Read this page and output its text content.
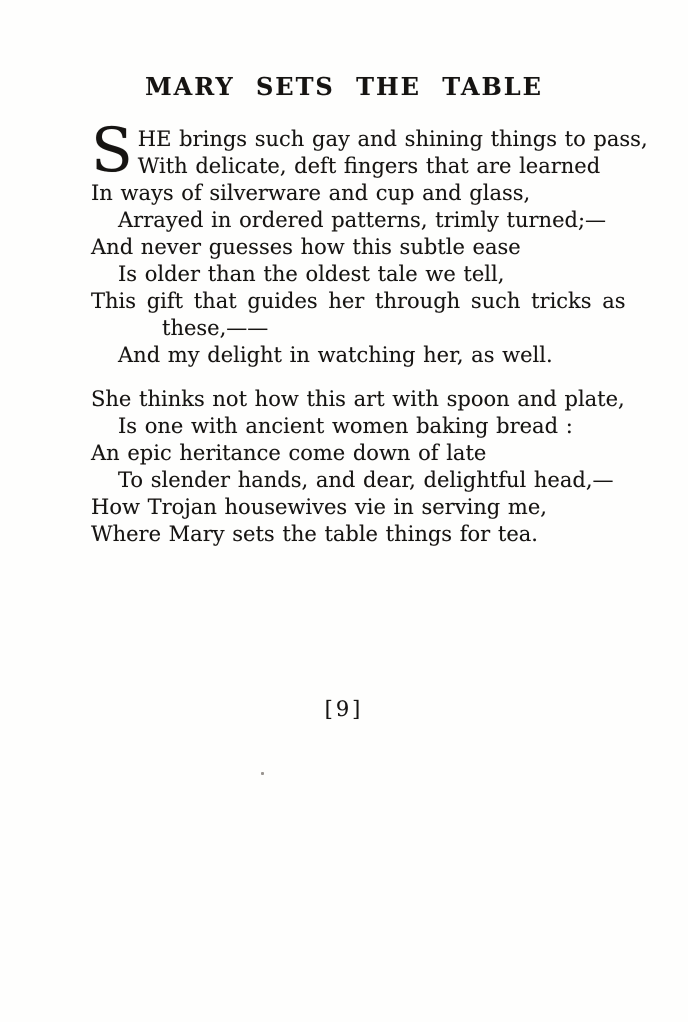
MARY SETS THE TABLE

SHE brings such gay and shining things to pass,

With delicate, deft fingers that are learned

In ways of silverware and cup and glass,

Arrayed in ordered patterns, trimly turned;—

And never guesses how this subtle ease

Is older than the oldest tale we tell,

This gift that guides her through such tricks as

these,——

And my delight in watching her, as well.

She thinks not how this art with spoon and plate,

Is one with ancient women baking bread :

An epic heritance come down of late

To slender hands, and dear, delightful head,—

How Trojan housewives vie in serving me,

Where Mary sets the table things for tea.

[9]
